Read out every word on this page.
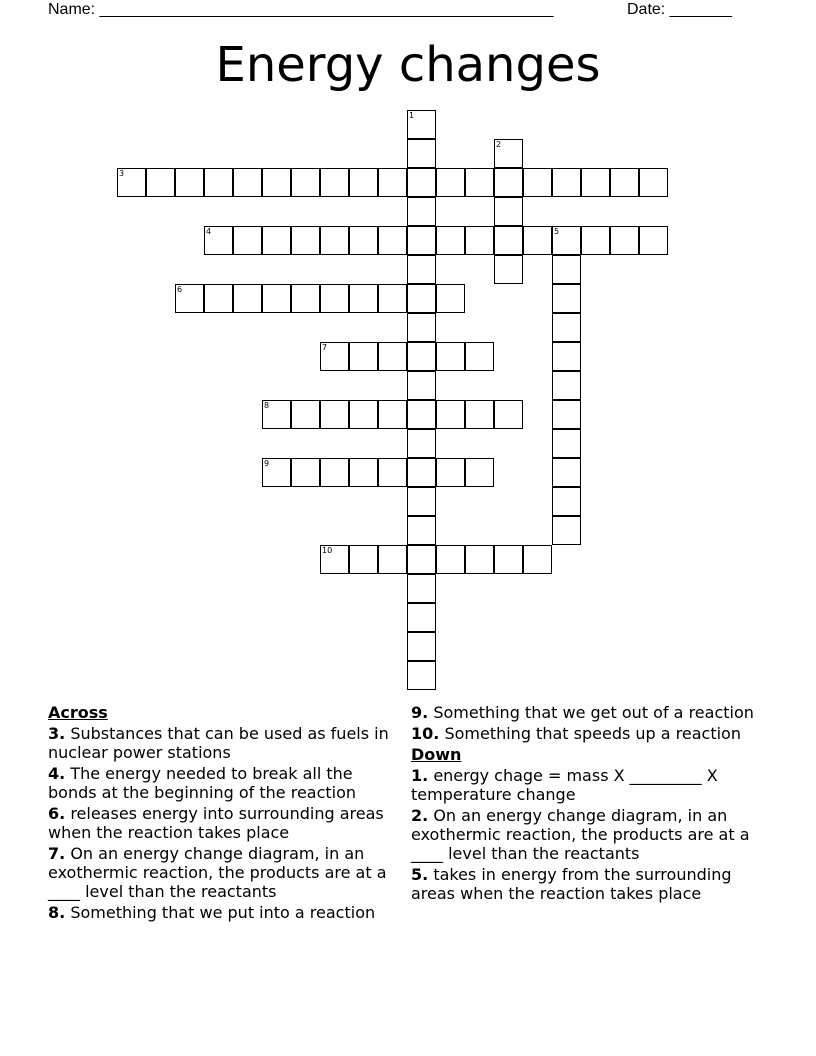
Name: ___________________________________________________	Date: _______
Energy changes
3
4	5
6
7
8
9
10
1
2
Across
3. Substances that can be used as fuels in nuclear power stations
4. The energy needed to break all the bonds at the beginning of the reaction
6. releases energy into surrounding areas when the reaction takes place
7. On an energy change diagram, in an exothermic reaction, the products are at a ____ level than the reactants
8. Something that we put into a reaction
9. Something that we get out of a reaction
10. Something that speeds up a reaction
Down
1. energy chage = mass X _________ X temperature change
2. On an energy change diagram, in an exothermic reaction, the products are at a ____ level than the reactants
5. takes in energy from the surrounding areas when the reaction takes place
